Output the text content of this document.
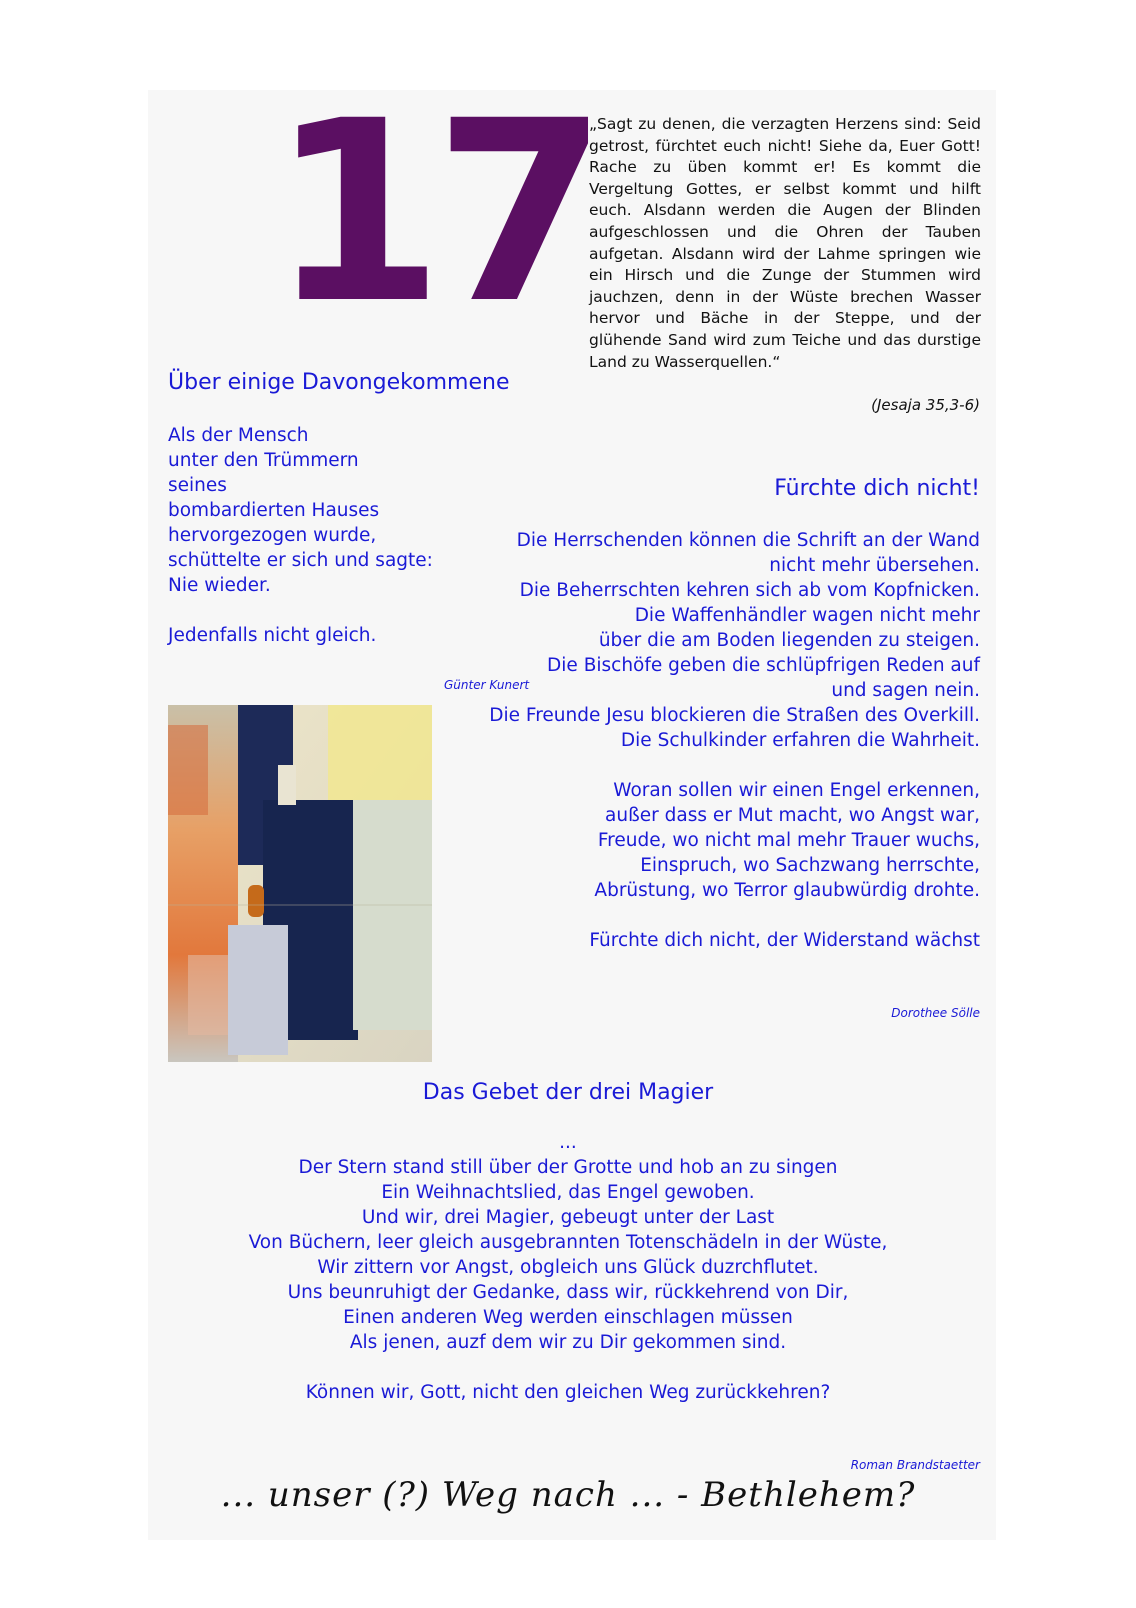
17
„Sagt zu denen, die verzagten Herzens sind: Seid getrost, fürchtet euch nicht! Siehe da, Euer Gott! Rache zu üben kommt er! Es kommt die Vergeltung Gottes, er selbst kommt und hilft euch. Alsdann werden die Augen der Blinden aufgeschlossen und die Ohren der Tauben aufgetan. Alsdann wird der Lahme springen wie ein Hirsch und die Zunge der Stummen wird jauchzen, denn in der Wüste brechen Wasser hervor und Bäche in der Steppe, und der glühende Sand wird zum Teiche und das durstige Land zu Wasserquellen.“
(Jesaja 35,3-6)
Über einige Davongekommene
Als der Mensch
unter den Trümmern
seines
bombardierten Hauses
hervorgezogen wurde,
schüttelte er sich und sagte:
Nie wieder.
Jedenfalls nicht gleich.
Günter Kunert
Fürchte dich nicht!
Die Herrschenden können die Schrift an der Wand
nicht mehr übersehen.
Die Beherrschten kehren sich ab vom Kopfnicken.
Die Waffenhändler wagen nicht mehr
über die am Boden liegenden zu steigen.
Die Bischöfe geben die schlüpfrigen Reden auf
und sagen nein.
Die Freunde Jesu blockieren die Straßen des Overkill.
Die Schulkinder erfahren die Wahrheit.
Woran sollen wir einen Engel erkennen,
außer dass er Mut macht, wo Angst war,
Freude, wo nicht mal mehr Trauer wuchs,
Einspruch, wo Sachzwang herrschte,
Abrüstung, wo Terror glaubwürdig drohte.
Fürchte dich nicht, der Widerstand wächst
Dorothee Sölle
Das Gebet der drei Magier
...
Der Stern stand still über der Grotte und hob an zu singen
Ein Weihnachtslied, das Engel gewoben.
Und wir, drei Magier, gebeugt unter der Last
Von Büchern, leer gleich ausgebrannten Totenschädeln in der Wüste,
Wir zittern vor Angst, obgleich uns Glück duzrchflutet.
Uns beunruhigt der Gedanke, dass wir, rückkehrend von Dir,
Einen anderen Weg werden einschlagen müssen
Als jenen, auzf dem wir zu Dir gekommen sind.
Können wir, Gott, nicht den gleichen Weg zurückkehren?
Roman Brandstaetter
... unser (?) Weg nach ... - Bethlehem?
